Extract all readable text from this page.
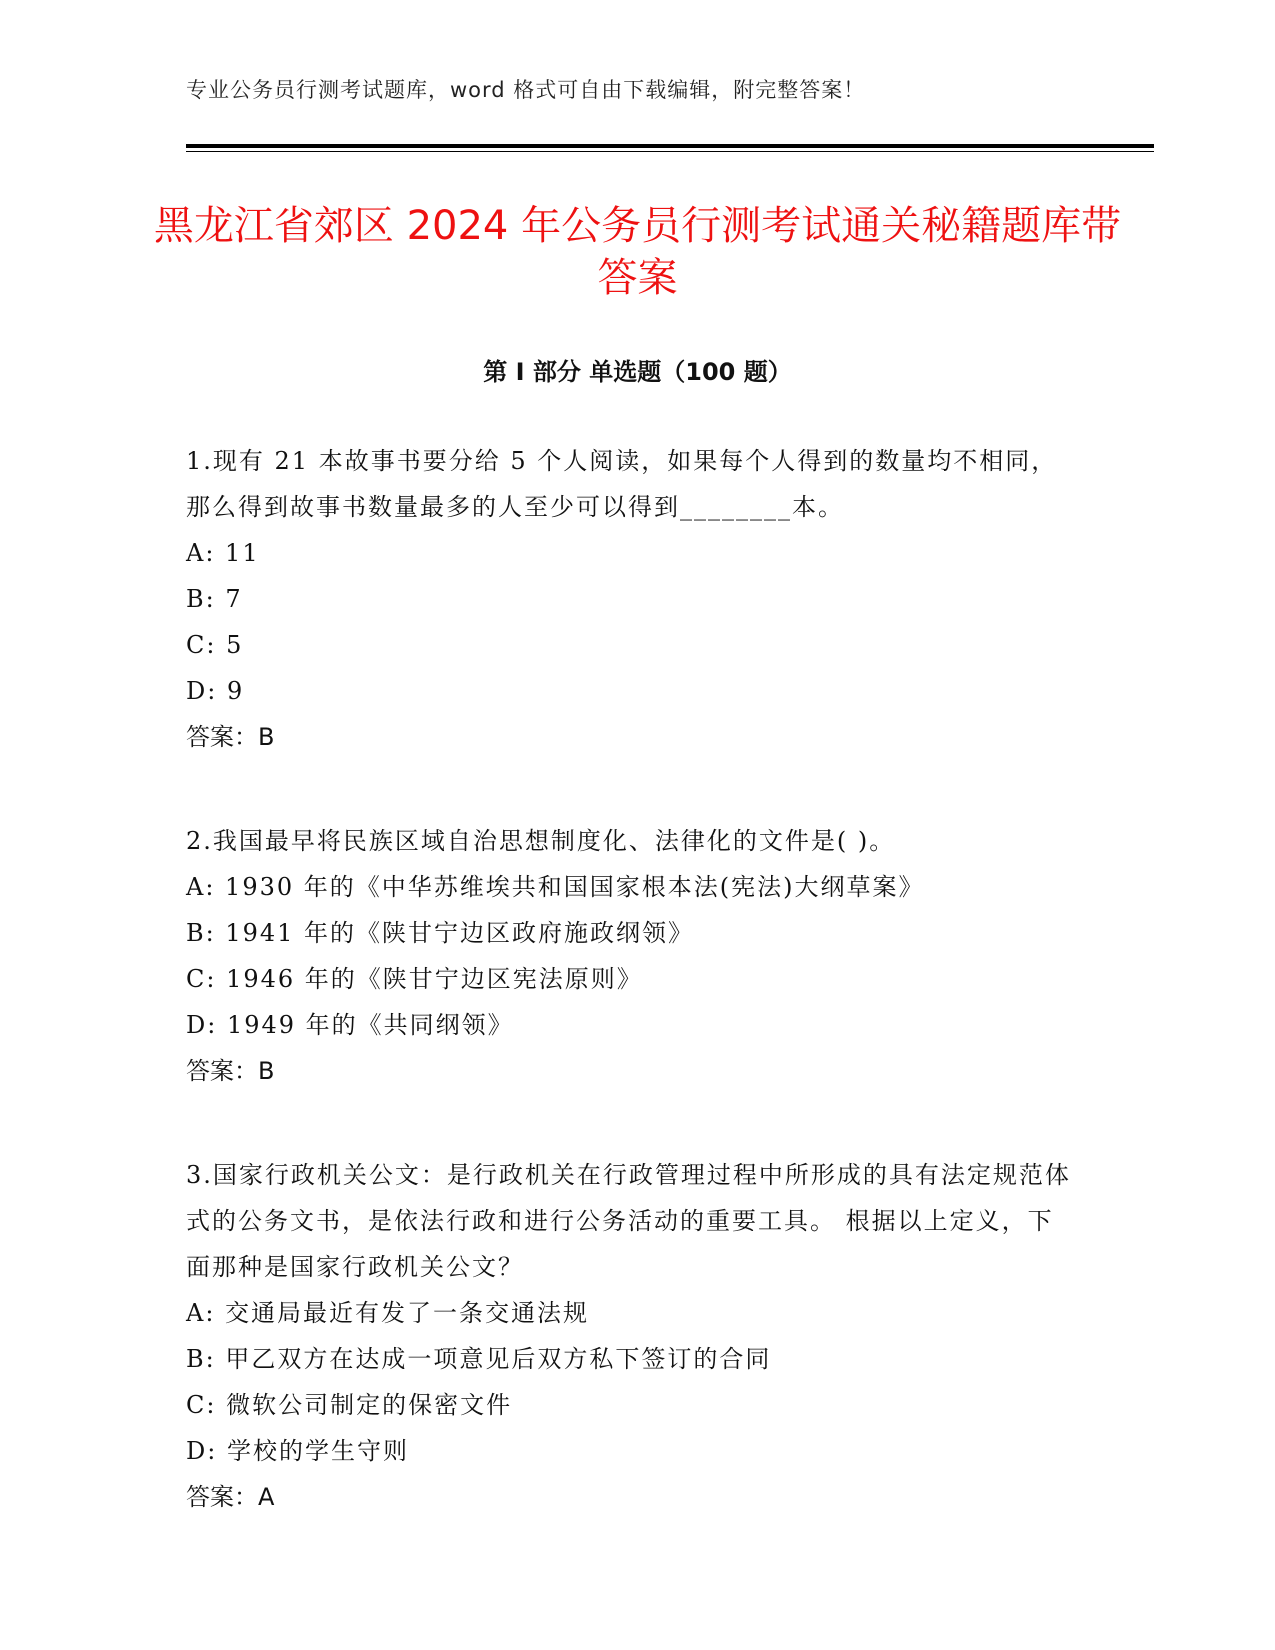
专业公务员行测考试题库，word 格式可自由下载编辑，附完整答案！
黑龙江省郊区 2024 年公务员行测考试通关秘籍题库带答案
第 I 部分 单选题（100 题）

1.现有 21 本故事书要分给 5 个人阅读，如果每个人得到的数量均不相同，那么得到故事书数量最多的人至少可以得到________本。

A: 11

B: 7

C: 5

D: 9

答案：B

2.我国最早将民族区域自治思想制度化、法律化的文件是( )。

A: 1930 年的《中华苏维埃共和国国家根本法(宪法)大纲草案》

B: 1941 年的《陕甘宁边区政府施政纲领》

C: 1946 年的《陕甘宁边区宪法原则》

D: 1949 年的《共同纲领》

答案：B

3.国家行政机关公文：是行政机关在行政管理过程中所形成的具有法定规范体式的公务文书，是依法行政和进行公务活动的重要工具。 根据以上定义，下面那种是国家行政机关公文？

A: 交通局最近有发了一条交通法规

B: 甲乙双方在达成一项意见后双方私下签订的合同

C: 微软公司制定的保密文件

D: 学校的学生守则

答案：A
